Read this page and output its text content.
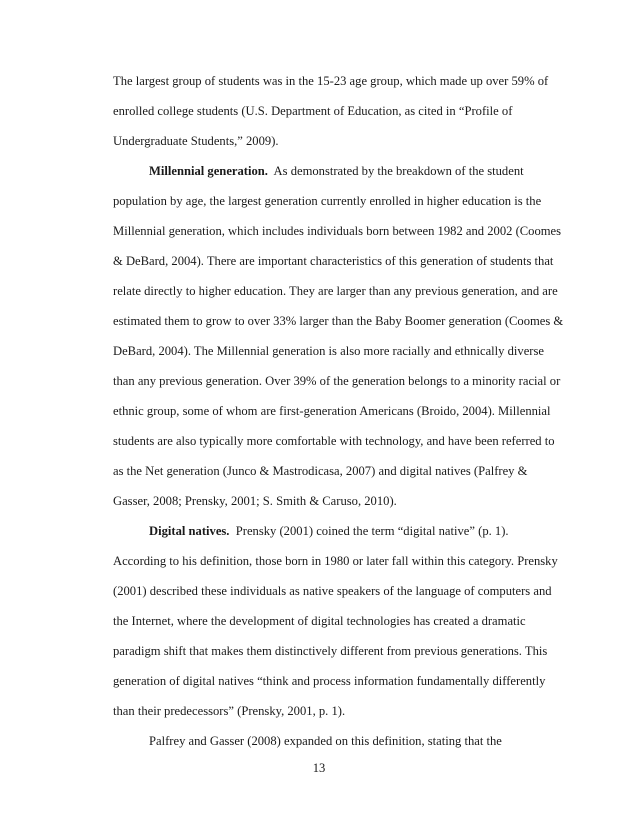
The largest group of students was in the 15-23 age group, which made up over 59% of
enrolled college students (U.S. Department of Education, as cited in “Profile of
Undergraduate Students,” 2009).
Millennial generation. As demonstrated by the breakdown of the student
population by age, the largest generation currently enrolled in higher education is the
Millennial generation, which includes individuals born between 1982 and 2002 (Coomes
& DeBard, 2004). There are important characteristics of this generation of students that
relate directly to higher education. They are larger than any previous generation, and are
estimated them to grow to over 33% larger than the Baby Boomer generation (Coomes &
DeBard, 2004). The Millennial generation is also more racially and ethnically diverse
than any previous generation. Over 39% of the generation belongs to a minority racial or
ethnic group, some of whom are first-generation Americans (Broido, 2004). Millennial
students are also typically more comfortable with technology, and have been referred to
as the Net generation (Junco & Mastrodicasa, 2007) and digital natives (Palfrey &
Gasser, 2008; Prensky, 2001; S. Smith & Caruso, 2010).
Digital natives. Prensky (2001) coined the term “digital native” (p. 1).
According to his definition, those born in 1980 or later fall within this category. Prensky
(2001) described these individuals as native speakers of the language of computers and
the Internet, where the development of digital technologies has created a dramatic
paradigm shift that makes them distinctively different from previous generations. This
generation of digital natives “think and process information fundamentally differently
than their predecessors” (Prensky, 2001, p. 1).
Palfrey and Gasser (2008) expanded on this definition, stating that the
13
